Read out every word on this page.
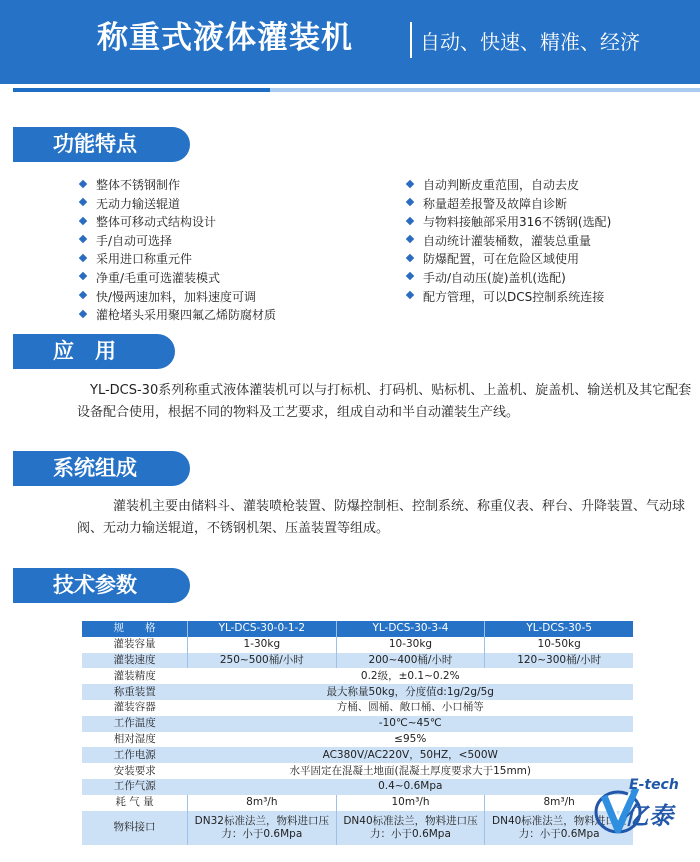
称重式液体灌装机	自动、快速、精准、经济
功能特点
整体不锈钢制作
无动力输送辊道
整体可移动式结构设计
手/自动可选择
采用进口称重元件
净重/毛重可选灌装模式
快/慢两速加料，加料速度可调
灌枪堵头采用聚四氟乙烯防腐材质
自动判断皮重范围，自动去皮
称量超差报警及故障自诊断
与物料接触部采用316不锈钢(选配)
自动统计灌装桶数，灌装总重量
防爆配置，可在危险区域使用
手动/自动压(旋)盖机(选配)
配方管理，可以DCS控制系统连接
应　用
YL-DCS-30系列称重式液体灌装机可以与打标机、打码机、贴标机、上盖机、旋盖机、输送机及其它配套设备配合使用，根据不同的物料及工艺要求，组成自动和半自动灌装生产线。
系统组成
灌装机主要由储料斗、灌装喷枪装置、防爆控制柜、控制系统、称重仪表、秤台、升降装置、气动球阀、无动力输送辊道，不锈钢机架、压盖装置等组成。
技术参数
规　　格	YL-DCS-30-0-1-2	YL-DCS-30-3-4	YL-DCS-30-5
灌装容量	1-30kg	10-30kg	10-50kg
灌装速度	250~500桶/小时	200~400桶/小时	120~300桶/小时
灌装精度	0.2级，±0.1~0.2%		
称重装置	最大称量50kg，分度值d:1g/2g/5g		
灌装容器	方桶、圆桶、敞口桶、小口桶等		
工作温度	-10℃~45℃		
相对湿度	≤95%		
工作电源	AC380V/AC220V，50HZ，<500W		
安装要求	水平固定在混凝土地面(混凝土厚度要求大于15mm)		
工作气源	0.4~0.6Mpa		
耗 气 量	8m³/h	10m³/h	8m³/h
物料接口	DN32标准法兰，物料进口压力：小于0.6Mpa	DN40标准法兰，物料进口压力：小于0.6Mpa	DN40标准法兰，物料进口压力：小于0.6Mpa
E-tech
亿泰
